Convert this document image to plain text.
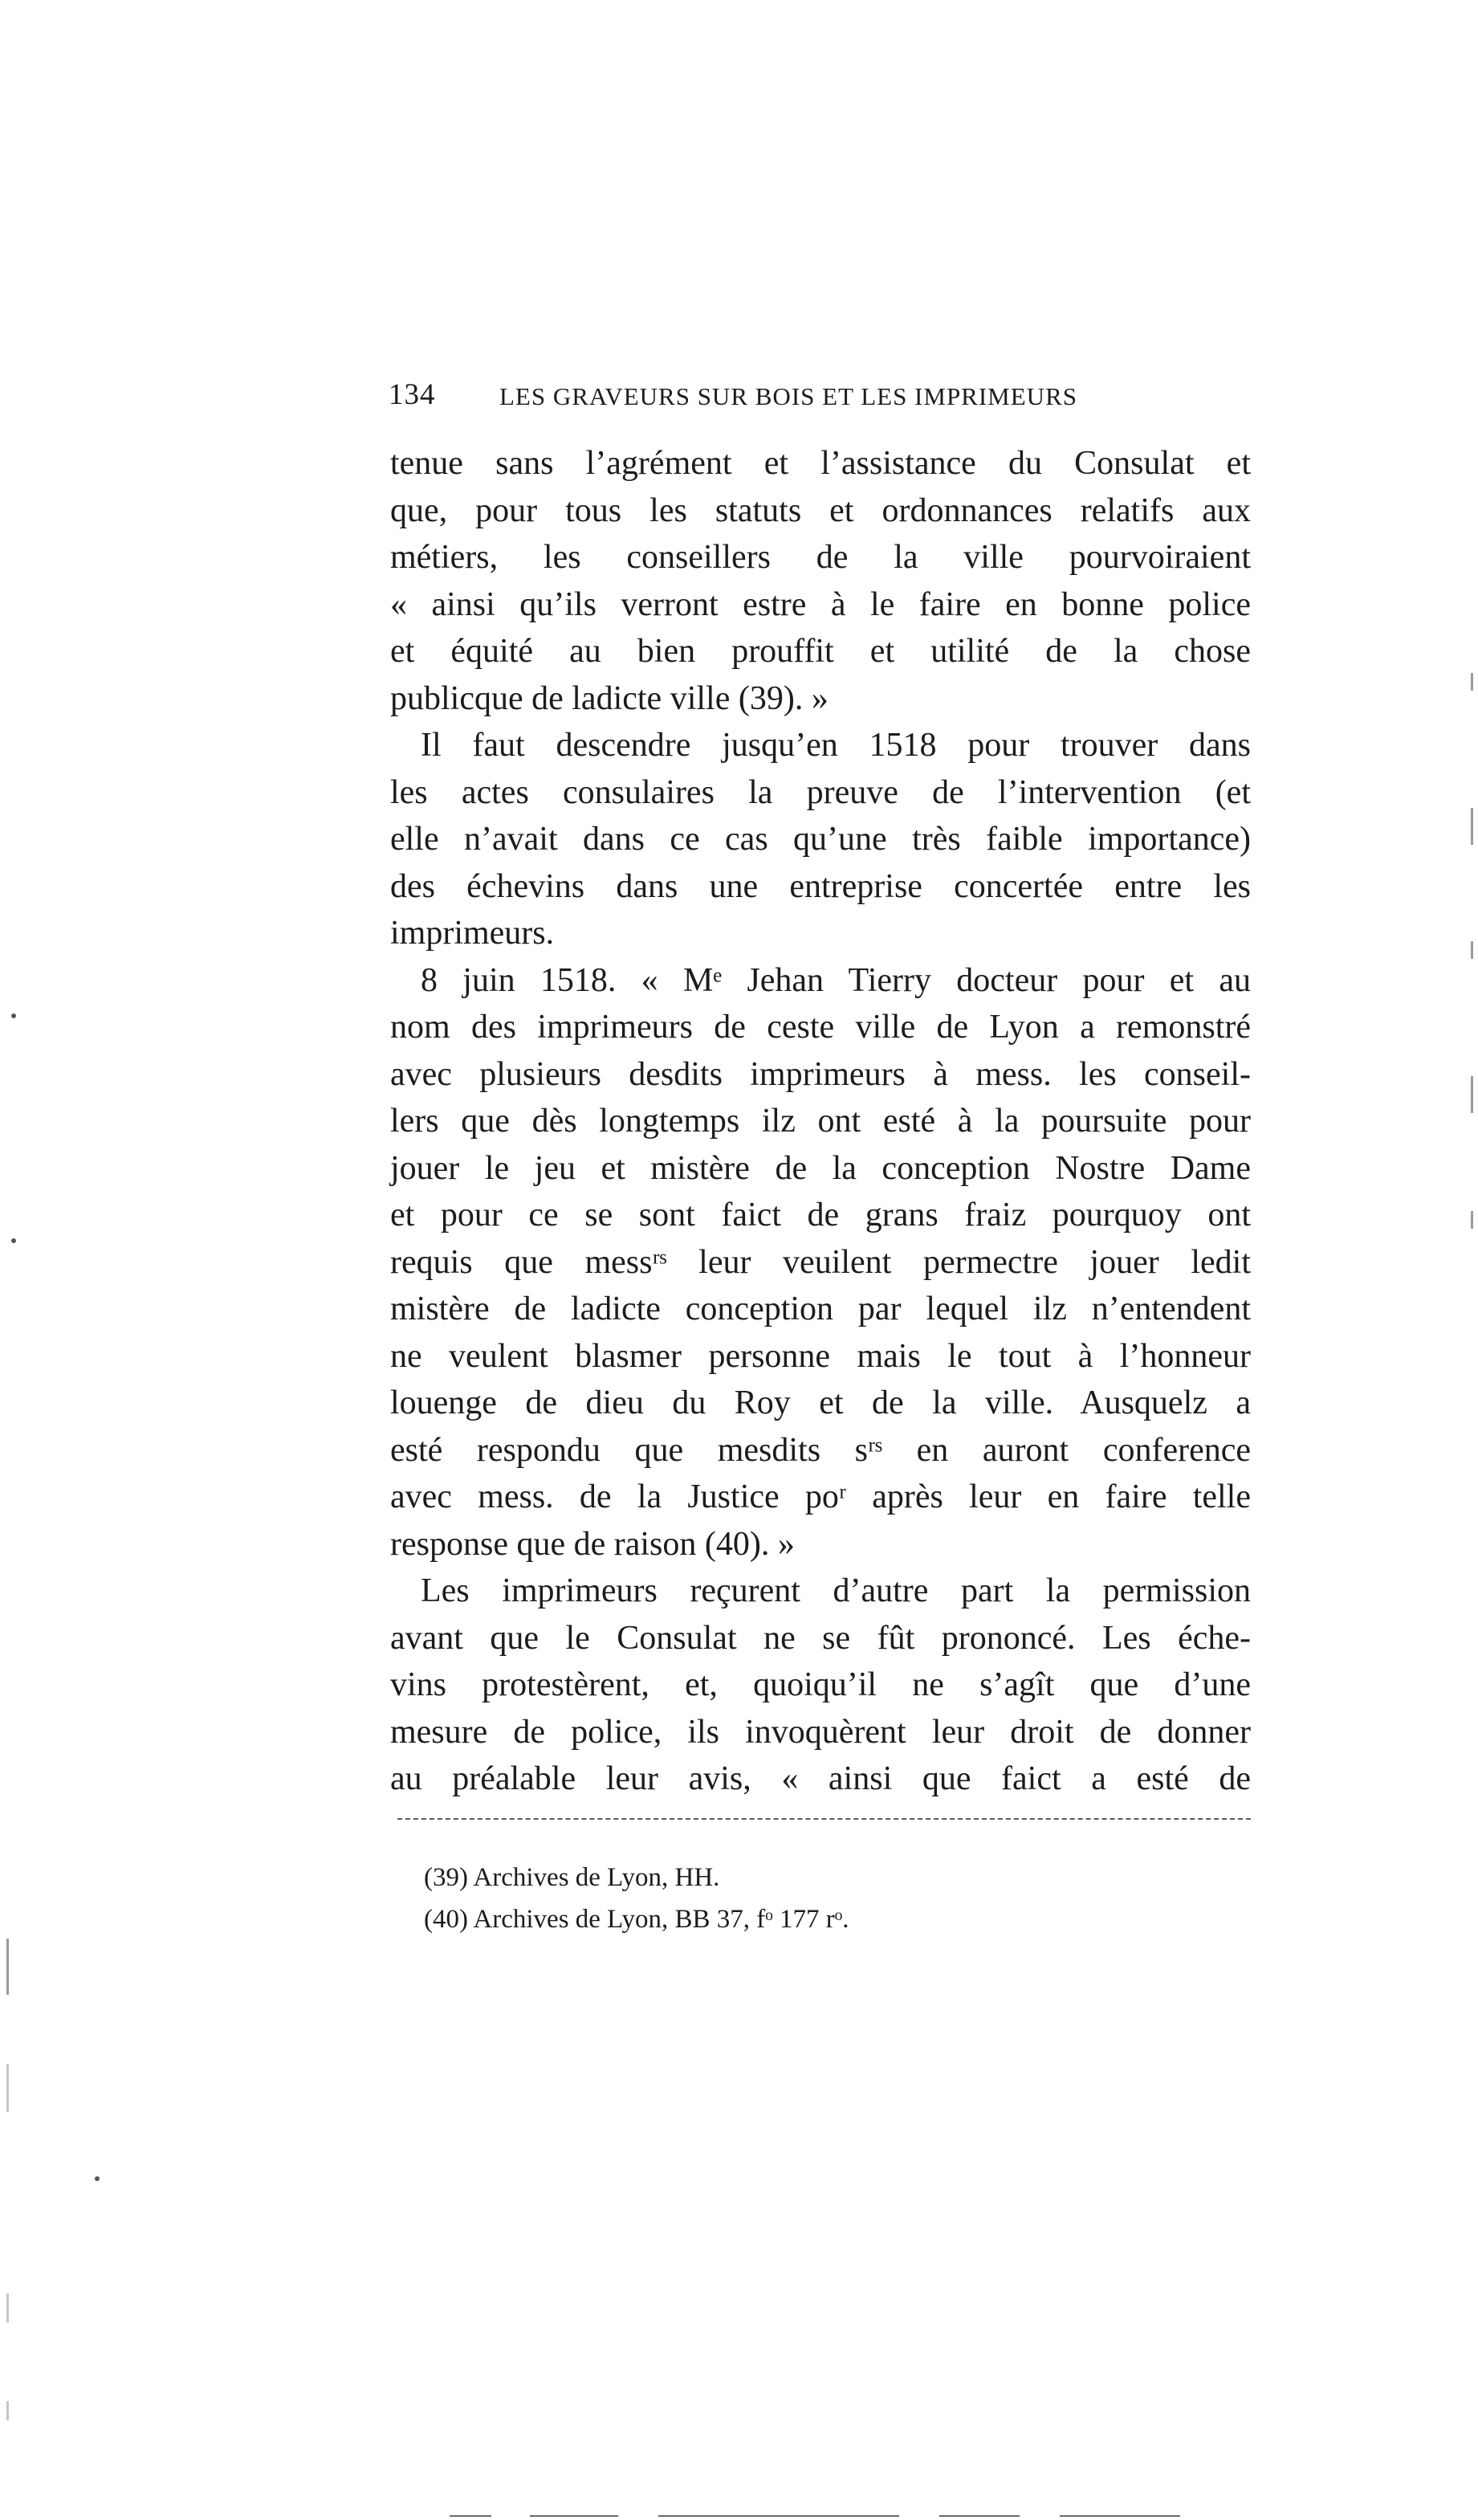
134	LES GRAVEURS SUR BOIS ET LES IMPRIMEURS
tenue sans l’agrément et l’assistance du Consulat et
que, pour tous les statuts et ordonnances relatifs aux
métiers, les conseillers de la ville pourvoiraient
« ainsi qu’ils verront estre à le faire en bonne police
et équité au bien prouffit et utilité de la chose
publicque de ladicte ville (39). »
Il faut descendre jusqu’en 1518 pour trouver dans
les actes consulaires la preuve de l’intervention (et
elle n’avait dans ce cas qu’une très faible importance)
des échevins dans une entreprise concertée entre les
imprimeurs.
8 juin 1518. « Mᵉ Jehan Tierry docteur pour et au
nom des imprimeurs de ceste ville de Lyon a remonstré
avec plusieurs desdits imprimeurs à mess. les conseil-
lers que dès longtemps ilz ont esté à la poursuite pour
jouer le jeu et mistère de la conception Nostre Dame
et pour ce se sont faict de grans fraiz pourquoy ont
requis que messʳˢ leur veuilent permectre jouer ledit
mistère de ladicte conception par lequel ilz n’entendent
ne veulent blasmer personne mais le tout à l’honneur
louenge de dieu du Roy et de la ville. Ausquelz a
esté respondu que mesdits sʳˢ en auront conference
avec mess. de la Justice poʳ après leur en faire telle
response que de raison (40). »
Les imprimeurs reçurent d’autre part la permission
avant que le Consulat ne se fût prononcé. Les éche-
vins protestèrent, et, quoiqu’il ne s’agît que d’une
mesure de police, ils invoquèrent leur droit de donner
au préalable leur avis, « ainsi que faict a esté de
(39) Archives de Lyon, HH.
(40) Archives de Lyon, BB 37, fᵒ 177 rᵒ.
